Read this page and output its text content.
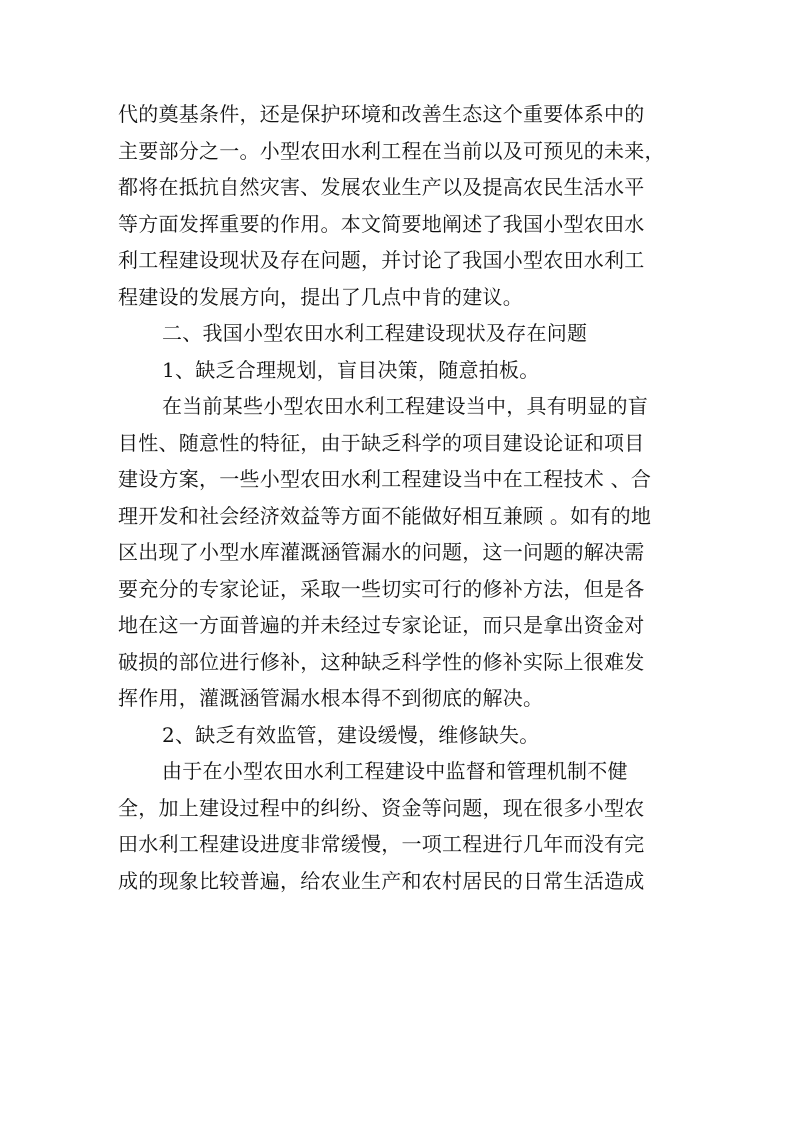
代的奠基条件，还是保护环境和改善生态这个重要体系中的
主要部分之一。小型农田水利工程在当前以及可预见的未来，
都将在抵抗自然灾害、发展农业生产以及提高农民生活水平
等方面发挥重要的作用。本文简要地阐述了我国小型农田水
利工程建设现状及存在问题，并讨论了我国小型农田水利工
程建设的发展方向，提出了几点中肯的建议。
二、我国小型农田水利工程建设现状及存在问题
1、缺乏合理规划，盲目决策，随意拍板。
在当前某些小型农田水利工程建设当中，具有明显的盲
目性、随意性的特征，由于缺乏科学的项目建设论证和项目
建设方案，一些小型农田水利工程建设当中在工程技术 、合
理开发和社会经济效益等方面不能做好相互兼顾 。如有的地
区出现了小型水库灌溉涵管漏水的问题，这一问题的解决需
要充分的专家论证，采取一些切实可行的修补方法，但是各
地在这一方面普遍的并未经过专家论证，而只是拿出资金对
破损的部位进行修补，这种缺乏科学性的修补实际上很难发
挥作用，灌溉涵管漏水根本得不到彻底的解决。
2、缺乏有效监管，建设缓慢，维修缺失。
由于在小型农田水利工程建设中监督和管理机制不健
全，加上建设过程中的纠纷、资金等问题，现在很多小型农
田水利工程建设进度非常缓慢，一项工程进行几年而没有完
成的现象比较普遍，给农业生产和农村居民的日常生活造成
